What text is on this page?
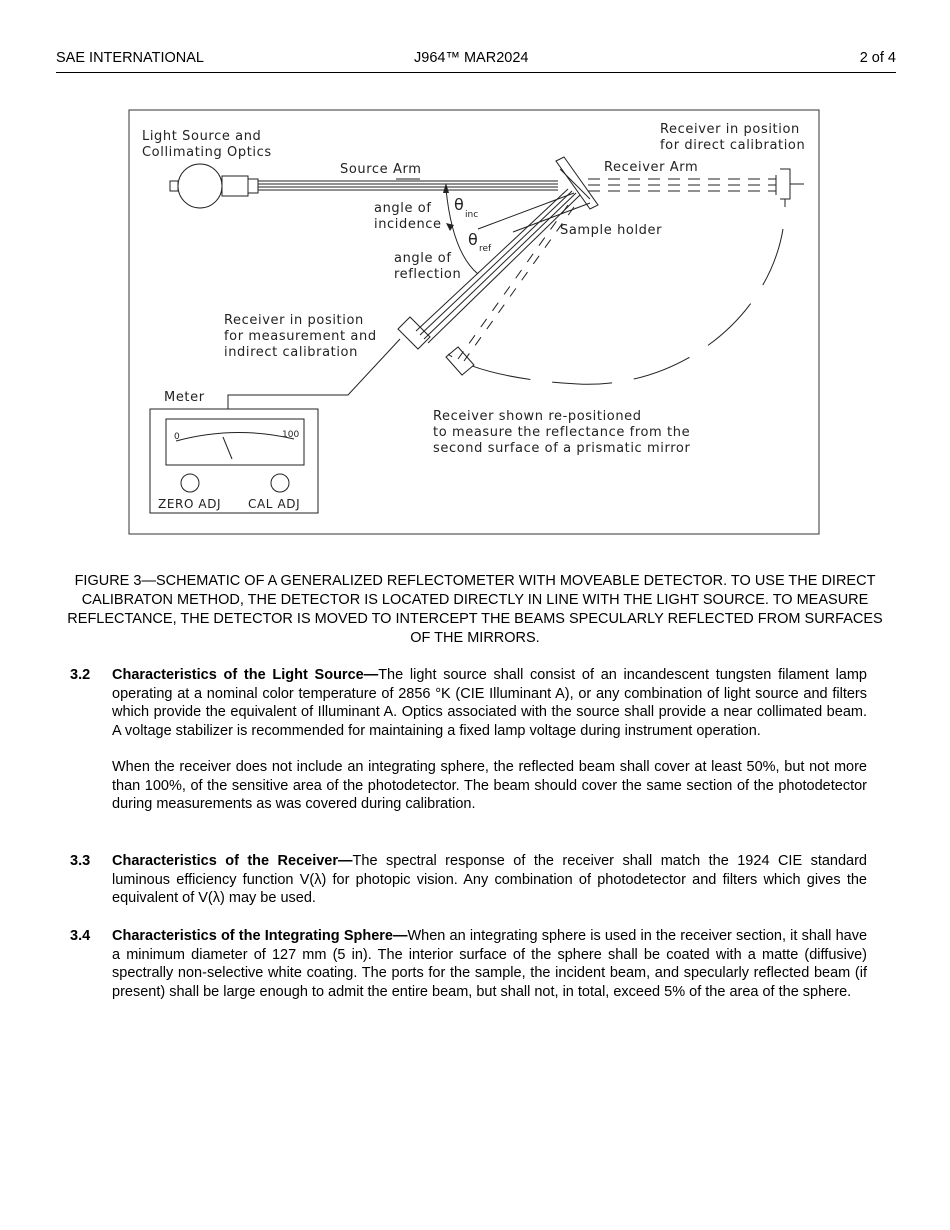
SAE INTERNATIONAL	J964™ MAR2024	2 of 4
Light Source and
Collimating Optics
Source Arm	Receiver Arm
Receiver in position
for direct calibration
angle of
incidence
θ
inc
θ ref
Sample holder
angle of
reflection
Receiver in position
for measurement and
indirect calibration
Meter
0	100
ZERO ADJ CAL ADJ
Receiver shown re-positioned
to measure the reflectance from the
second surface of a prismatic mirror
FIGURE 3—SCHEMATIC OF A GENERALIZED REFLECTOMETER WITH MOVEABLE DETECTOR. TO USE THE DIRECT CALIBRATON METHOD, THE DETECTOR IS LOCATED DIRECTLY IN LINE WITH THE LIGHT SOURCE. TO MEASURE REFLECTANCE, THE DETECTOR IS MOVED TO INTERCEPT THE BEAMS SPECULARLY REFLECTED FROM SURFACES OF THE MIRRORS.
3.2 Characteristics of the Light Source—The light source shall consist of an incandescent tungsten filament lamp operating at a nominal color temperature of 2856 °K (CIE Illuminant A), or any combination of light source and filters which provide the equivalent of Illuminant A. Optics associated with the source shall provide a near collimated beam. A voltage stabilizer is recommended for maintaining a fixed lamp voltage during instrument operation.

When the receiver does not include an integrating sphere, the reflected beam shall cover at least 50%, but not more than 100%, of the sensitive area of the photodetector. The beam should cover the same section of the photodetector during measurements as was covered during calibration.

3.3 Characteristics of the Receiver—The spectral response of the receiver shall match the 1924 CIE standard luminous efficiency function V(λ) for photopic vision. Any combination of photodetector and filters which gives the equivalent of V(λ) may be used.

3.4 Characteristics of the Integrating Sphere—When an integrating sphere is used in the receiver section, it shall have a minimum diameter of 127 mm (5 in). The interior surface of the sphere shall be coated with a matte (diffusive) spectrally non-selective white coating. The ports for the sample, the incident beam, and specularly reflected beam (if present) shall be large enough to admit the entire beam, but shall not, in total, exceed 5% of the area of the sphere.
